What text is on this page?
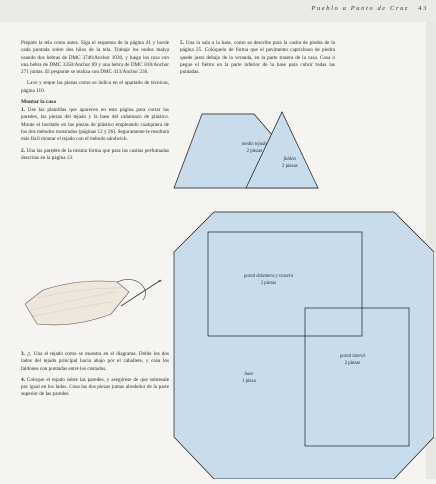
Pueblo a Punto de Cruz 43

Prepare la tela como antes. Siga el esquema de la página 41 y borde cada puntada sobre dos hilos de la tela. Trabaje los nudos malva usando dos hebras de DMC 3746/Anchor 1030, y luego los rosa con una hebra de DMC 3350/Anchor 69 y una hebra de DMC 818/Anchor 271 juntas. El pespunte se realiza con DMC 413/Anchor 236.

Lave y seque las piezas como se indica en el apartado de técnicas, página 110.

Montar la casa

1. Use las plantillas que aparecen en esta página para cortar las paredes, las piezas del tejado y la base del cañamazo de plástico. Monte el bordado en las piezas de plástico empleando cualquiera de los dos métodos mostrados (páginas 12 y 26). Seguramente le resultará más fácil montar el tejado con el método sándwich.

2. Una las paredes de la misma forma que para las casitas perfumadas descritas en la página 13.

3. △ Una el tejado como se muestra en el diagrama. Doble los dos lados del tejado principal hacia abajo por el caballete, y cosa los faldones con puntadas entre los costados.

4. Coloque el tejado sobre las paredes, y asegúrese de que sobresale por igual en los lados. Cosa las dos piezas juntas alrededor de la parte superior de las paredes.

5. Una la sala a la base, como se describe para la casita de piedra de la página 25. Colóquelo de forma que el pavimento caprichoso de piedra quede justo debajo de la veranda, en la parte trasera de la casa. Cosa o pegue el fieltro en la parte inferior de la base para cubrir todas las puntadas.

medio tejado
2 piezas
faldón
2 piezas
pared delantera y trasera
2 piezas
pared lateral
2 piezas
base
1 pieza
